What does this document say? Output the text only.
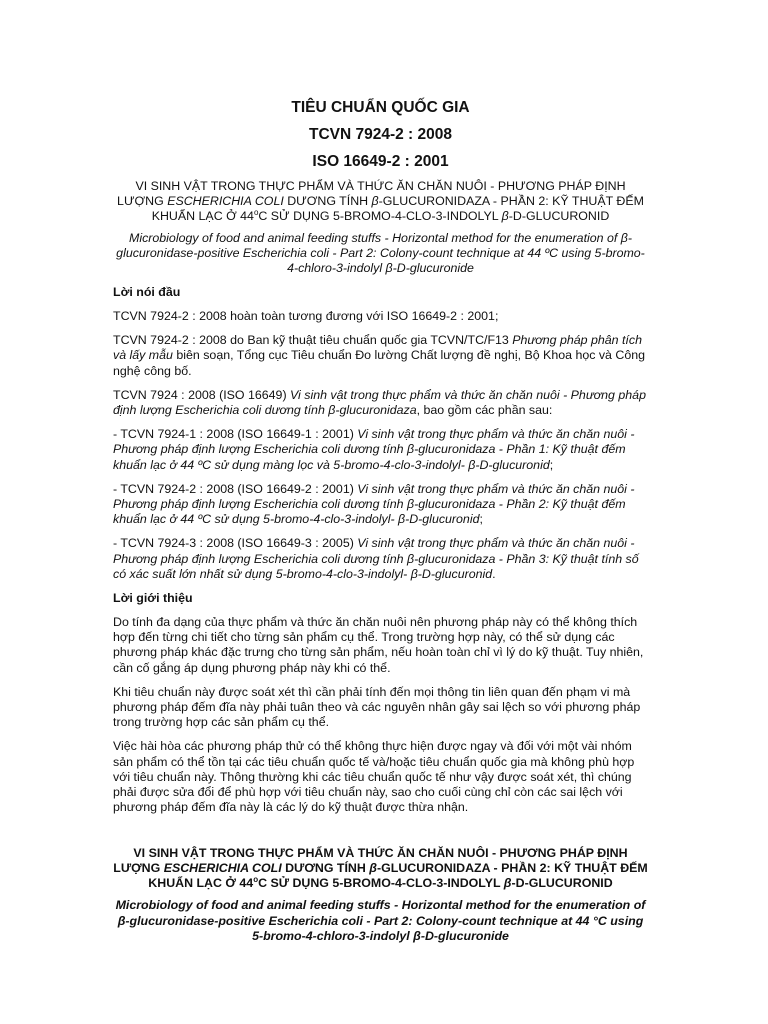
TIÊU CHUẨN QUỐC GIA
TCVN 7924-2 : 2008
ISO 16649-2 : 2001
VI SINH VẬT TRONG THỰC PHẨM VÀ THỨC ĂN CHĂN NUÔI - PHƯƠNG PHÁP ĐỊNH LƯỢNG ESCHERICHIA COLI DƯƠNG TÍNH β-GLUCURONIDAZA - PHẦN 2: KỸ THUẬT ĐẾM KHUẨN LẠC Ở 44$^o$C SỬ DỤNG 5-BROMO-4-CLO-3-INDOLYL β-D-GLUCURONID
Microbiology of food and animal feeding stuffs - Horizontal method for the enumeration of β-glucuronidase-positive Escherichia coli - Part 2: Colony-count technique at 44 ºC using 5-bromo-4-chloro-3-indolyl β-D-glucuronide
Lời nói đầu

TCVN 7924-2 : 2008 hoàn toàn tương đương với ISO 16649-2 : 2001;

TCVN 7924-2 : 2008 do Ban kỹ thuật tiêu chuẩn quốc gia TCVN/TC/F13 Phương pháp phân tích và lấy mẫu biên soạn, Tổng cục Tiêu chuẩn Đo lường Chất lượng đề nghị, Bộ Khoa học và Công nghệ công bố.

TCVN 7924 : 2008 (ISO 16649) Vi sinh vật trong thực phẩm và thức ăn chăn nuôi - Phương pháp định lượng Escherichia coli dương tính β-glucuronidaza, bao gồm các phần sau:

- TCVN 7924-1 : 2008 (ISO 16649-1 : 2001) Vi sinh vật trong thực phẩm và thức ăn chăn nuôi - Phương pháp định lượng Escherichia coli dương tính β-glucuronidaza - Phần 1: Kỹ thuật đếm khuẩn lạc ở 44 ºC sử dụng màng lọc và 5-bromo-4-clo-3-indolyl- β-D-glucuronid;

- TCVN 7924-2 : 2008 (ISO 16649-2 : 2001) Vi sinh vật trong thực phẩm và thức ăn chăn nuôi - Phương pháp định lượng Escherichia coli dương tính β-glucuronidaza - Phần 2: Kỹ thuật đếm khuẩn lạc ở 44 ºC sử dụng 5-bromo-4-clo-3-indolyl- β-D-glucuronid;

- TCVN 7924-3 : 2008 (ISO 16649-3 : 2005) Vi sinh vật trong thực phẩm và thức ăn chăn nuôi - Phương pháp định lượng Escherichia coli dương tính β-glucuronidaza - Phần 3: Kỹ thuật tính số có xác suất lớn nhất sử dụng 5-bromo-4-clo-3-indolyl- β-D-glucuronid.

Lời giới thiệu

Do tính đa dạng của thực phẩm và thức ăn chăn nuôi nên phương pháp này có thể không thích hợp đến từng chi tiết cho từng sản phẩm cụ thể. Trong trường hợp này, có thể sử dụng các phương pháp khác đặc trưng cho từng sản phẩm, nếu hoàn toàn chỉ vì lý do kỹ thuật. Tuy nhiên, cần cố gắng áp dụng phương pháp này khi có thể.

Khi tiêu chuẩn này được soát xét thì cần phải tính đến mọi thông tin liên quan đến phạm vi mà phương pháp đếm đĩa này phải tuân theo và các nguyên nhân gây sai lệch so với phương pháp trong trường hợp các sản phẩm cụ thể.

Việc hài hòa các phương pháp thử có thể không thực hiện được ngay và đối với một vài nhóm sản phẩm có thể tồn tại các tiêu chuẩn quốc tế và/hoặc tiêu chuẩn quốc gia mà không phù hợp với tiêu chuẩn này. Thông thường khi các tiêu chuẩn quốc tế như vậy được soát xét, thì chúng phải được sửa đổi để phù hợp với tiêu chuẩn này, sao cho cuối cùng chỉ còn các sai lệch với phương pháp đếm đĩa này là các lý do kỹ thuật được thừa nhận.

VI SINH VẬT TRONG THỰC PHẨM VÀ THỨC ĂN CHĂN NUÔI - PHƯƠNG PHÁP ĐỊNH LƯỢNG ESCHERICHIA COLI DƯƠNG TÍNH β-GLUCURONIDAZA - PHẦN 2: KỸ THUẬT ĐẾM KHUẨN LẠC Ở 44$^o$C SỬ DỤNG 5-BROMO-4-CLO-3-INDOLYL β-D-GLUCURONID
Microbiology of food and animal feeding stuffs - Horizontal method for the enumeration of β-glucuronidase-positive Escherichia coli - Part 2: Colony-count technique at 44 °C using 5-bromo-4-chloro-3-indolyl β-D-glucuronide
